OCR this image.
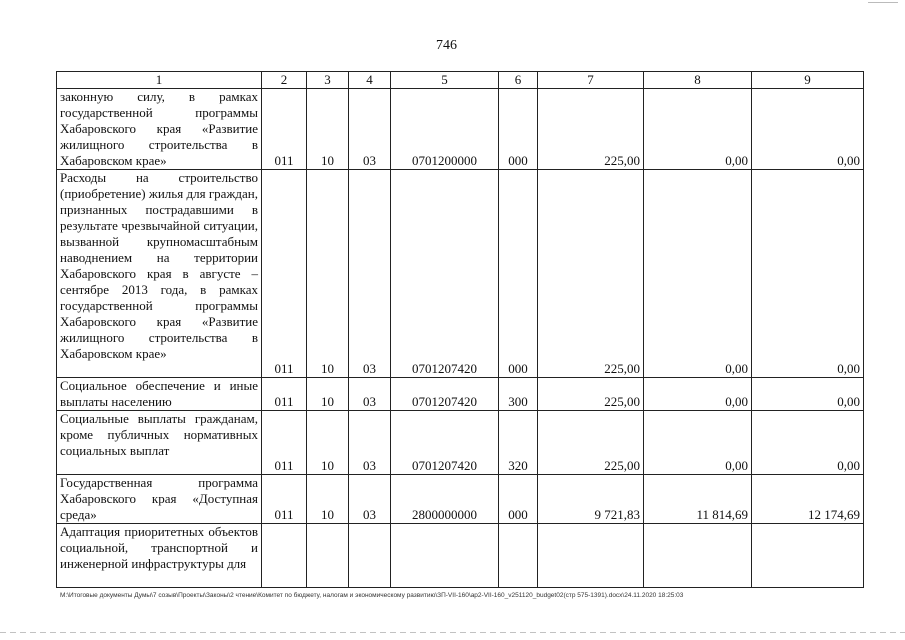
746
1	2	3	4	5	6	7	8	9
законную силу, в рамках государственной программы Хабаровского края «Развитие жилищного строительства в Хабаровском крае»	011	10	03	0701200000	000	225,00	0,00	0,00
Расходы на строительство (приобретение) жилья для граждан, признанных пострадавшими в результате чрезвычайной ситуации, вызванной крупномасштабным наводнением на территории Хабаровского края в августе – сентябре 2013 года, в рамках государственной программы Хабаровского края «Развитие жилищного строительства в Хабаровском крае»	011	10	03	0701207420	000	225,00	0,00	0,00
Социальное обеспечение и иные выплаты населению	011	10	03	0701207420	300	225,00	0,00	0,00
Социальные выплаты гражданам, кроме публичных нормативных социальных выплат	011	10	03	0701207420	320	225,00	0,00	0,00
Государственная программа Хабаровского края «Доступная среда»	011	10	03	2800000000	000	9 721,83	11 814,69	12 174,69
Адаптация приоритетных объектов социальной, транспортной и инженерной инфраструктуры для								
M:\Итоговые документы Думы\7 созыв\Проекты\Законы\2 чтение\Комитет по бюджету, налогам и экономическому развитию\ЗП-VII-160\ap2-VII-160_v251120_budget02(стр 575-1391).docx\24.11.2020 18:25:03
